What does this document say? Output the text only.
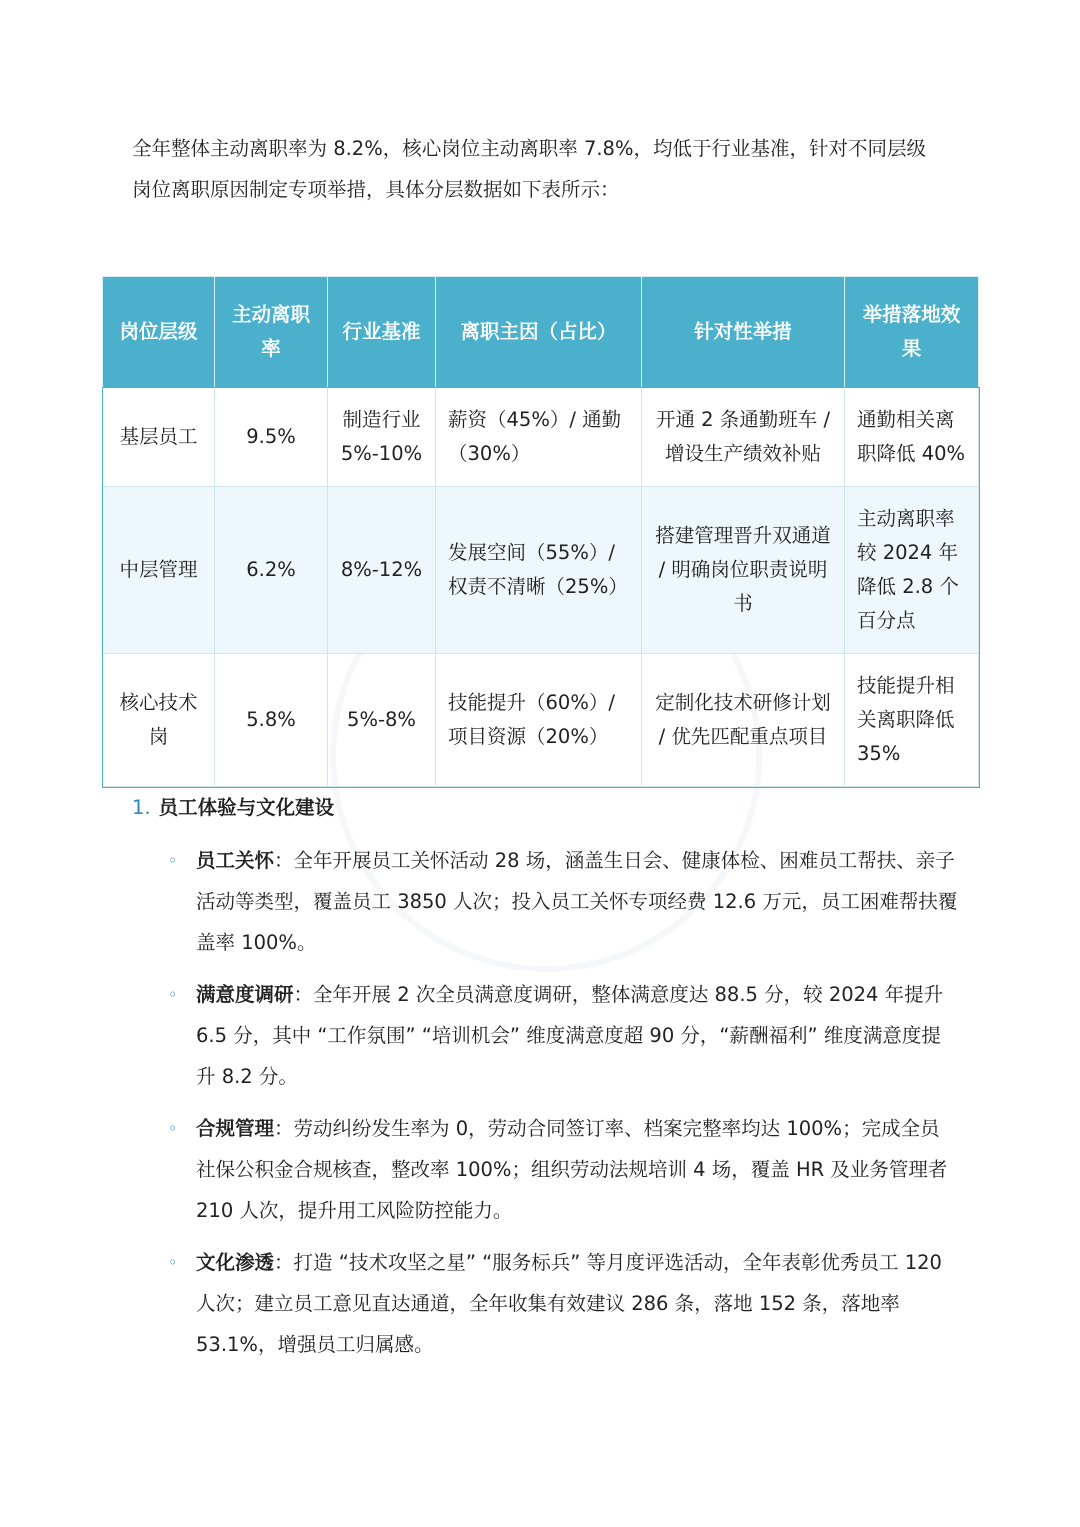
全年整体主动离职率为 8.2%，核心岗位主动离职率 7.8%，均低于行业基准，针对不同层级
岗位离职原因制定专项举措，具体分层数据如下表所示：

岗位层级	主动离职率	行业基准	离职主因（占比）	针对性举措	举措落地效果
基层员工	9.5%	制造行业 5%-10%	薪资（45%）/ 通勤（30%）	开通 2 条通勤班车 / 增设生产绩效补贴	通勤相关离职降低 40%
中层管理	6.2%	8%-12%	发展空间（55%）/ 权责不清晰（25%）	搭建管理晋升双通道 / 明确岗位职责说明书	主动离职率较 2024 年降低 2.8 个百分点
核心技术岗	5.8%	5%-8%	技能提升（60%）/ 项目资源（20%）	定制化技术研修计划 / 优先匹配重点项目	技能提升相关离职降低 35%
1. 员工体验与文化建设
◦ 员工关怀：全年开展员工关怀活动 28 场，涵盖生日会、健康体检、困难员工帮扶、亲子活动等类型，覆盖员工 3850 人次；投入员工关怀专项经费 12.6 万元，员工困难帮扶覆盖率 100%。
◦ 满意度调研：全年开展 2 次全员满意度调研，整体满意度达 88.5 分，较 2024 年提升 6.5 分，其中 “工作氛围” “培训机会” 维度满意度超 90 分，“薪酬福利” 维度满意度提升 8.2 分。
◦ 合规管理：劳动纠纷发生率为 0，劳动合同签订率、档案完整率均达 100%；完成全员社保公积金合规核查，整改率 100%；组织劳动法规培训 4 场，覆盖 HR 及业务管理者 210 人次，提升用工风险防控能力。
◦ 文化渗透：打造 “技术攻坚之星” “服务标兵” 等月度评选活动，全年表彰优秀员工 120 人次；建立员工意见直达通道，全年收集有效建议 286 条，落地 152 条，落地率 53.1%，增强员工归属感。
